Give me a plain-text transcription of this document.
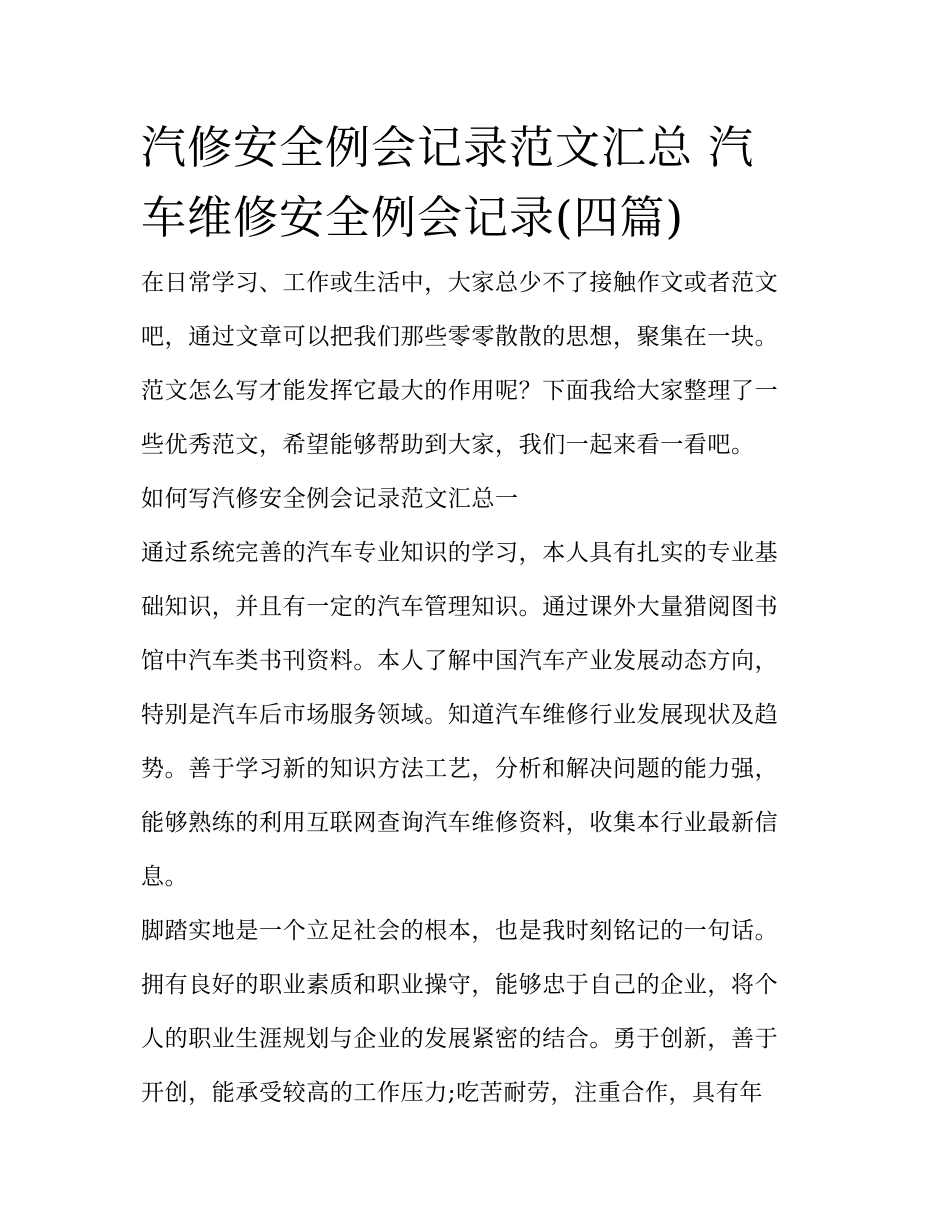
汽修安全例会记录范文汇总 汽
车维修安全例会记录(四篇)
在日常学习、工作或生活中，大家总少不了接触作文或者范文
吧，通过文章可以把我们那些零零散散的思想，聚集在一块。
范文怎么写才能发挥它最大的作用呢？下面我给大家整理了一
些优秀范文，希望能够帮助到大家，我们一起来看一看吧。
如何写汽修安全例会记录范文汇总一
通过系统完善的汽车专业知识的学习，本人具有扎实的专业基
础知识，并且有一定的汽车管理知识。通过课外大量猎阅图书
馆中汽车类书刊资料。本人了解中国汽车产业发展动态方向，
特别是汽车后市场服务领域。知道汽车维修行业发展现状及趋
势。善于学习新的知识方法工艺，分析和解决问题的能力强，
能够熟练的利用互联网查询汽车维修资料，收集本行业最新信
息。
脚踏实地是一个立足社会的根本，也是我时刻铭记的一句话。
拥有良好的职业素质和职业操守，能够忠于自己的企业，将个
人的职业生涯规划与企业的发展紧密的结合。勇于创新，善于
开创，能承受较高的工作压力;吃苦耐劳，注重合作，具有年
